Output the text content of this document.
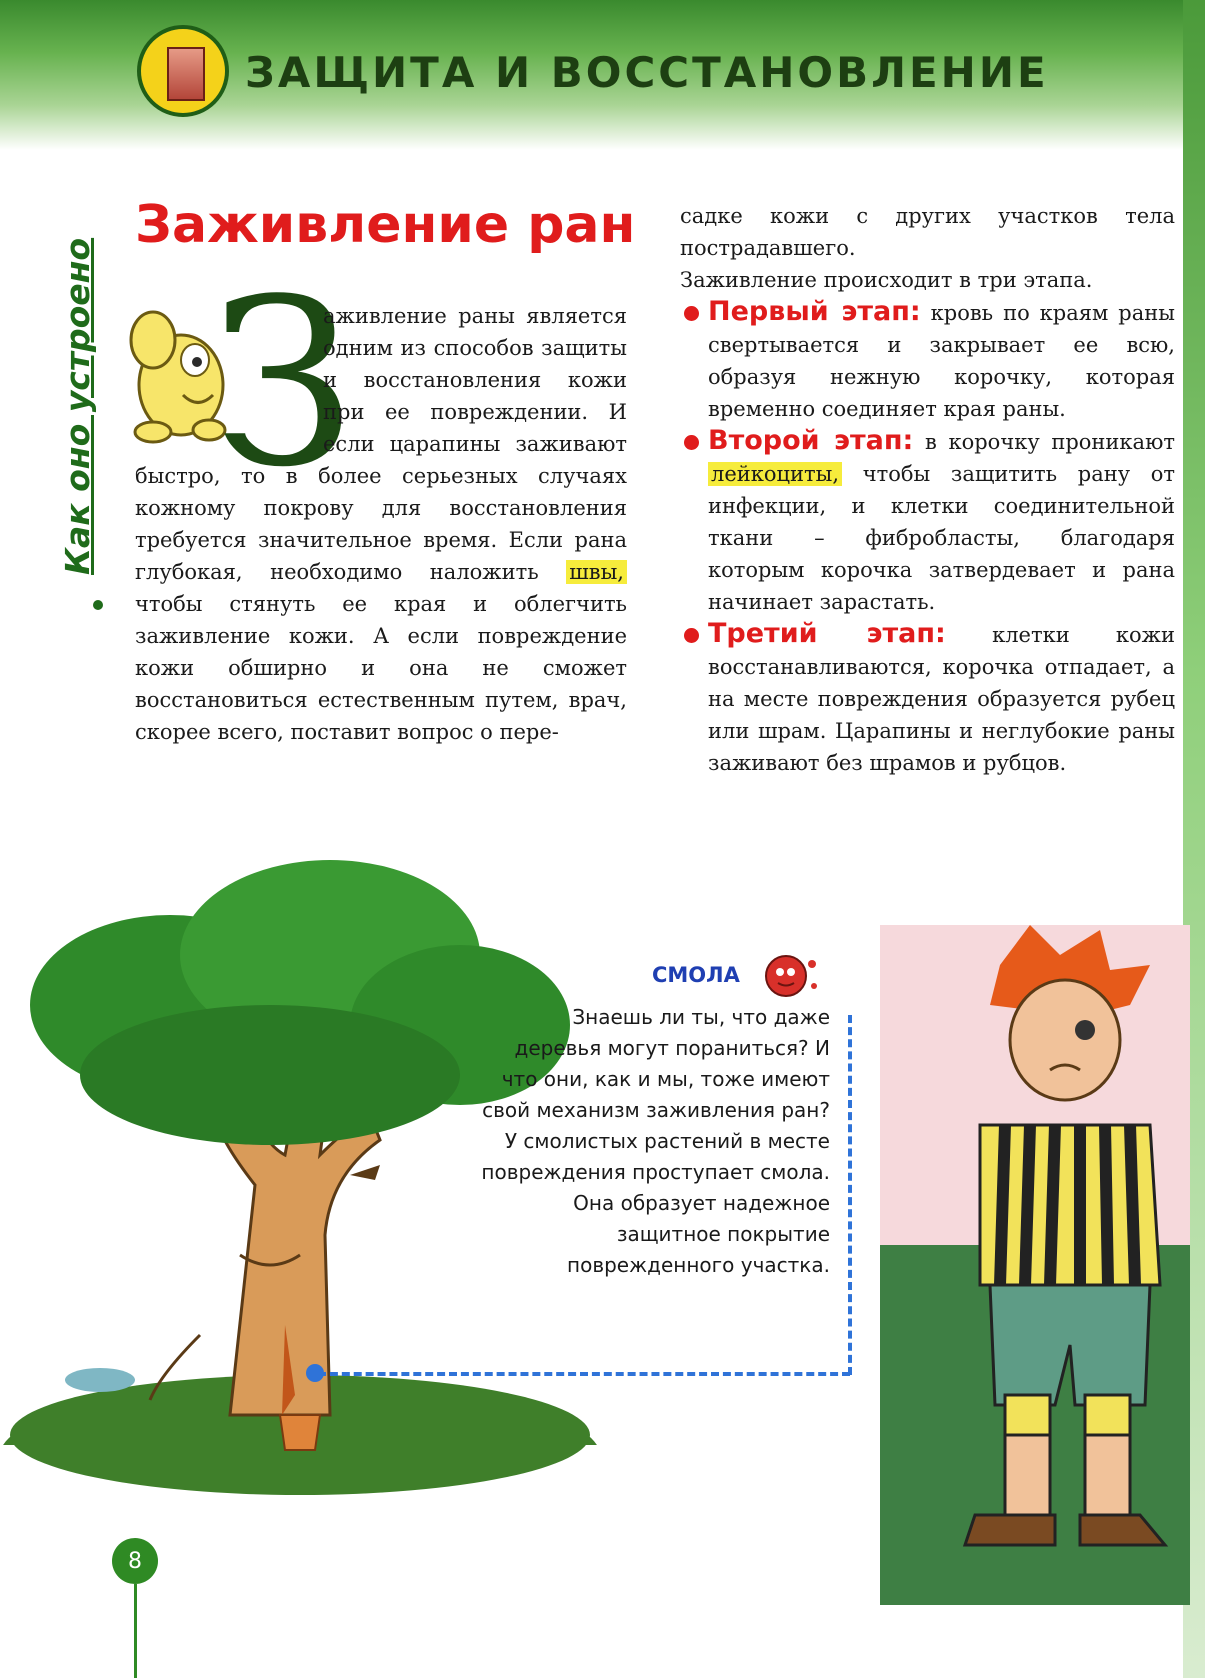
ЗАЩИТА И ВОССТАНОВЛЕНИЕ
Как оно устроено
Заживление ран
З
аживление раны является одним из способов защиты и восстановления кожи при ее повреждении. И если царапины заживают быстро, то в более серьезных случаях кожному покрову для восстановления требуется значительное время. Если рана глубокая, необходимо наложить швы, чтобы стянуть ее края и облегчить заживление кожи. А если повреждение кожи обширно и она не сможет восстановиться естественным путем, врач, скорее всего, поставит вопрос о пере-

садке кожи с других участков тела пострадавшего.

Заживление происходит в три этапа.

Первый этап: кровь по краям раны свертывается и закрывает ее всю, образуя нежную корочку, которая временно соединяет края раны.

Второй этап: в корочку проникают лейкоциты, чтобы защитить рану от инфекции, и клетки соединительной ткани – фибробласты, благодаря которым корочка затвердевает и рана начинает зарастать.

Третий этап: клетки кожи восстанавливаются, корочка отпадает, а на месте повреждения образуется рубец или шрам. Царапины и неглубокие раны заживают без шрамов и рубцов.

СМОЛА
Знаешь ли ты, что даже деревья могут пораниться? И что они, как и мы, тоже имеют свой механизм заживления ран? У смолистых растений в месте повреждения проступает смола. Она образует надежное защитное покрытие поврежденного участка.
8
